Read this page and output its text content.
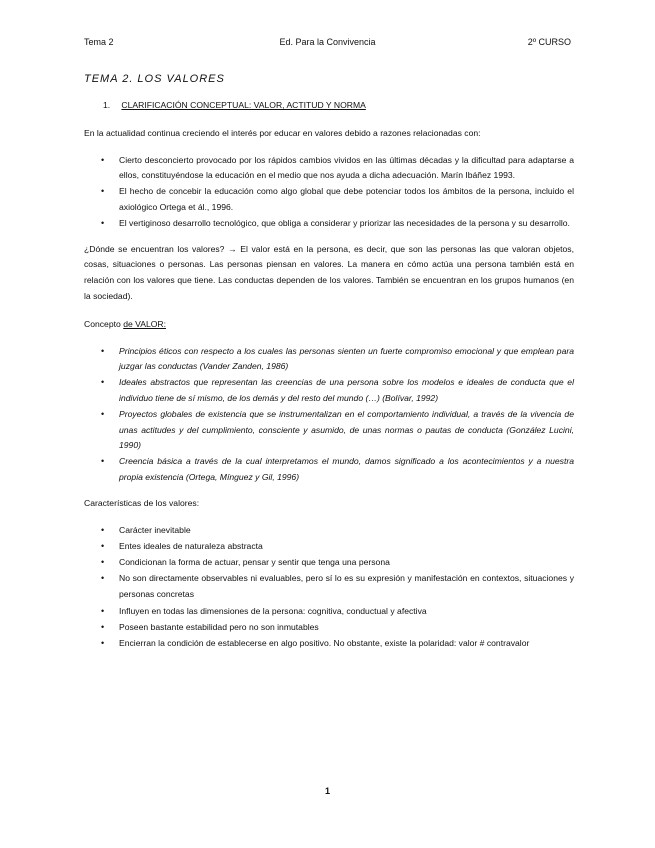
Tema 2	Ed. Para la Convivencia	2º CURSO
TEMA 2. LOS VALORES
1. CLARIFICACIÓN CONCEPTUAL: VALOR, ACTITUD Y NORMA

En la actualidad continua creciendo el interés por educar en valores debido a razones relacionadas con:

• Cierto desconcierto provocado por los rápidos cambios vividos en las últimas décadas y la dificultad para adaptarse a ellos, constituyéndose la educación en el medio que nos ayuda a dicha adecuación. Marín Ibáñez 1993.
• El hecho de concebir la educación como algo global que debe potenciar todos los ámbitos de la persona, incluido el axiológico Ortega et ál., 1996.
• El vertiginoso desarrollo tecnológico, que obliga a considerar y priorizar las necesidades de la persona y su desarrollo.

¿Dónde se encuentran los valores? → El valor está en la persona, es decir, que son las personas las que valoran objetos, cosas, situaciones o personas. Las personas piensan en valores. La manera en cómo actúa una persona también está en relación con los valores que tiene. Las conductas dependen de los valores. También se encuentran en los grupos humanos (en la sociedad).

Concepto de VALOR:
• Principios éticos con respecto a los cuales las personas sienten un fuerte compromiso emocional y que emplean para juzgar las conductas (Vander Zanden, 1986)
• Ideales abstractos que representan las creencias de una persona sobre los modelos e ideales de conducta que el individuo tiene de sí mismo, de los demás y del resto del mundo (…) (Bolívar, 1992)
• Proyectos globales de existencia que se instrumentalizan en el comportamiento individual, a través de la vivencia de unas actitudes y del cumplimiento, consciente y asumido, de unas normas o pautas de conducta (González Lucini, 1990)
• Creencia básica a través de la cual interpretamos el mundo, damos significado a los acontecimientos y a nuestra propia existencia (Ortega, Mínguez y Gil, 1996)
Características de los valores:
• Carácter inevitable
• Entes ideales de naturaleza abstracta
• Condicionan la forma de actuar, pensar y sentir que tenga una persona
• No son directamente observables ni evaluables, pero sí lo es su expresión y manifestación en contextos, situaciones y personas concretas
• Influyen en todas las dimensiones de la persona: cognitiva, conductual y afectiva
• Poseen bastante estabilidad pero no son inmutables
• Encierran la condición de establecerse en algo positivo. No obstante, existe la polaridad: valor # contravalor
1
